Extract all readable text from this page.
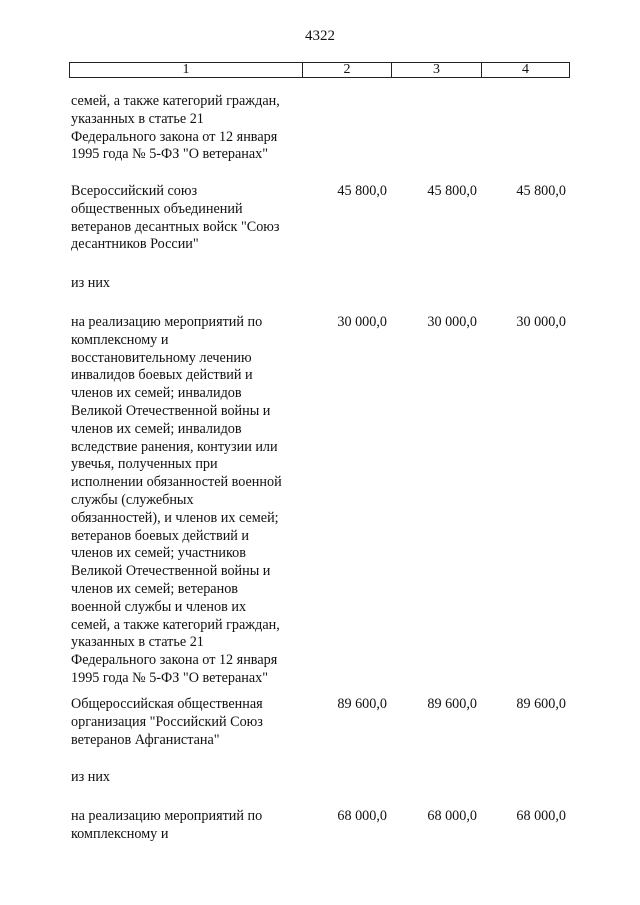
4322
1	2	3	4
семей, а также категорий граждан,
указанных в статье 21
Федерального закона от 12 января
1995 года № 5-ФЗ "О ветеранах"
Всероссийский союз
общественных объединений
ветеранов десантных войск "Союз
десантников России"
45 800,0	45 800,0	45 800,0
из них
на реализацию мероприятий по
комплексному и
восстановительному лечению
инвалидов боевых действий и
членов их семей; инвалидов
Великой Отечественной войны и
членов их семей; инвалидов
вследствие ранения, контузии или
увечья, полученных при
исполнении обязанностей военной
службы (служебных
обязанностей), и членов их семей;
ветеранов боевых действий и
членов их семей; участников
Великой Отечественной войны и
членов их семей; ветеранов
военной службы и членов их
семей, а также категорий граждан,
указанных в статье 21
Федерального закона от 12 января
1995 года № 5-ФЗ "О ветеранах"
30 000,0	30 000,0	30 000,0
Общероссийская общественная
организация "Российский Союз
ветеранов Афганистана"
89 600,0	89 600,0	89 600,0
из них
на реализацию мероприятий по
комплексному и
68 000,0	68 000,0	68 000,0
